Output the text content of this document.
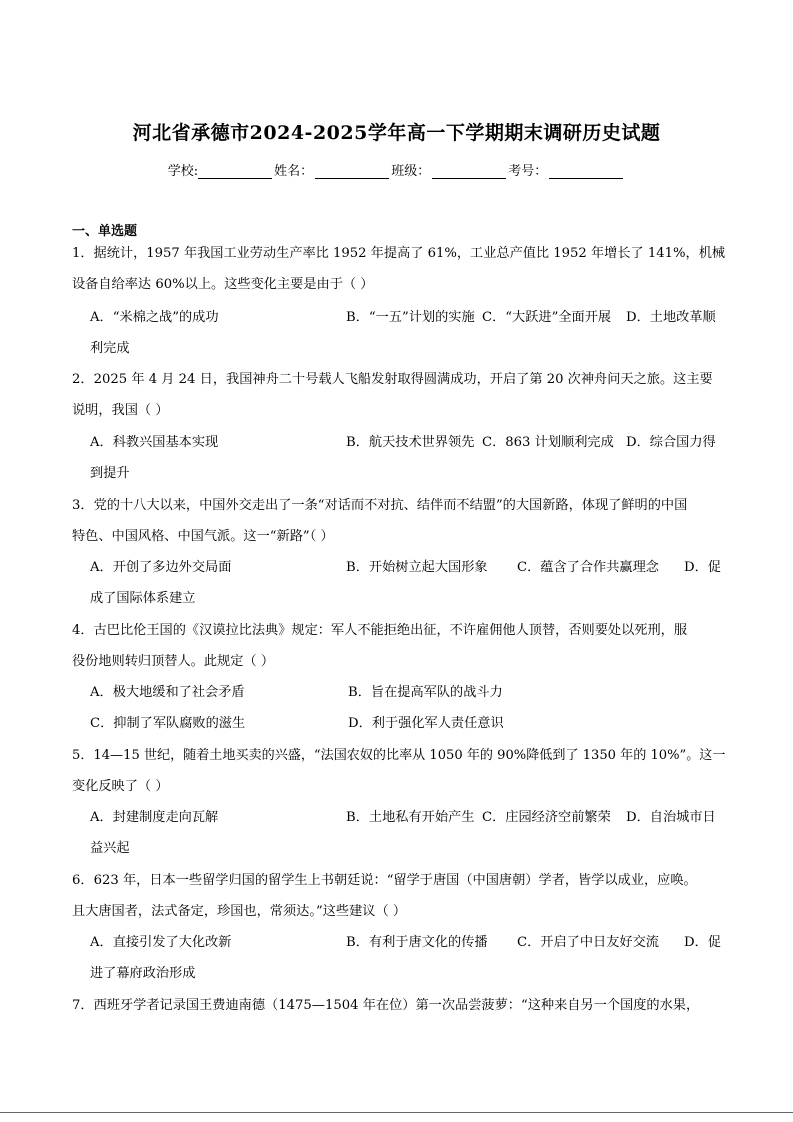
河北省承德市2024-2025学年高一下学期期末调研历史试题
学校:	姓名：	班级：	考号：
一、单选题
1．据统计，1957 年我国工业劳动生产率比 1952 年提高了 61%，工业总产值比 1952 年增长了 141%，机械
设备自给率达 60%以上。这些变化主要是由于（ ）
A．“米棉之战”的成功	B．“一五”计划的实施 C．“大跃进”全面开展 D．土地改革顺
利完成
2．2025 年 4 月 24 日，我国神舟二十号载人飞船发射取得圆满成功，开启了第 20 次神舟问天之旅。这主要
说明，我国（ ）
A．科教兴国基本实现	B．航天技术世界领先 C．863 计划顺利完成 D．综合国力得
到提升
3．党的十八大以来，中国外交走出了一条“对话而不对抗、结伴而不结盟”的大国新路，体现了鲜明的中国
特色、中国风格、中国气派。这一“新路”（ ）
A．开创了多边外交局面	B．开始树立起大国形象 C．蕴含了合作共赢理念 D．促
成了国际体系建立
4．古巴比伦王国的《汉谟拉比法典》规定：军人不能拒绝出征，不许雇佣他人顶替，否则要处以死刑，服
役份地则转归顶替人。此规定（ ）
A．极大地缓和了社会矛盾	B．旨在提高军队的战斗力
C．抑制了军队腐败的滋生	D．利于强化军人责任意识
5．14—15 世纪，随着土地买卖的兴盛，“法国农奴的比率从 1050 年的 90%降低到了 1350 年的 10%”。这一
变化反映了（ ）
A．封建制度走向瓦解	B．土地私有开始产生 C．庄园经济空前繁荣 D．自治城市日
益兴起
6．623 年，日本一些留学归国的留学生上书朝廷说：“留学于唐国（中国唐朝）学者，皆学以成业，应唤。
且大唐国者，法式备定，珍国也，常须达。”这些建议（ ）
A．直接引发了大化改新	B．有利于唐文化的传播 C．开启了中日友好交流 D．促
进了幕府政治形成
7．西班牙学者记录国王费迪南德（1475—1504 年在位）第一次品尝菠萝：“这种来自另一个国度的水果，
